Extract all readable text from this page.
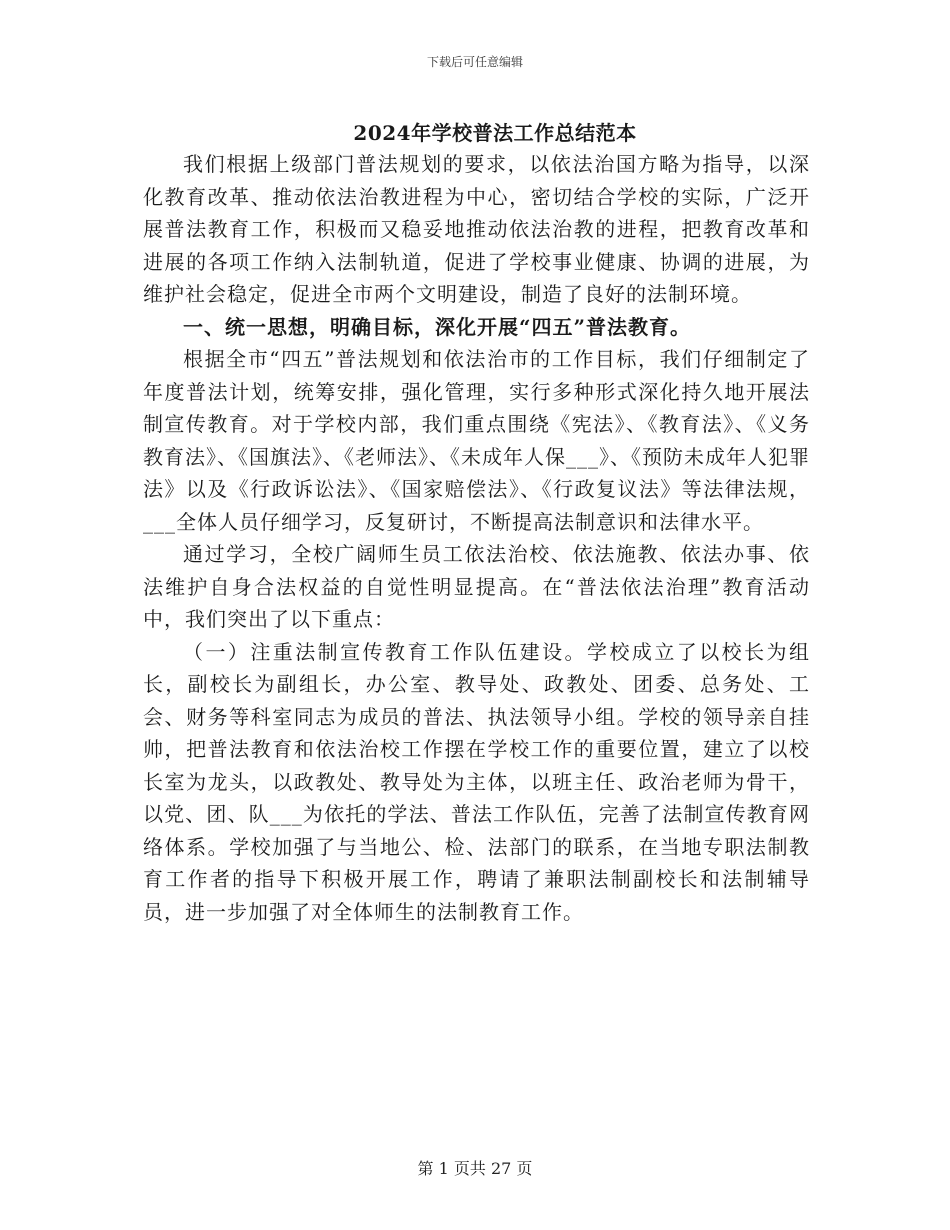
下载后可任意编辑
2024年学校普法工作总结范本

我们根据上级部门普法规划的要求，以依法治国方略为指导，以深化教育改革、推动依法治教进程为中心，密切结合学校的实际，广泛开展普法教育工作，积极而又稳妥地推动依法治教的进程，把教育改革和进展的各项工作纳入法制轨道，促进了学校事业健康、协调的进展，为维护社会稳定，促进全市两个文明建设，制造了良好的法制环境。

一、统一思想，明确目标，深化开展“四五”普法教育。

根据全市“四五”普法规划和依法治市的工作目标，我们仔细制定了年度普法计划，统筹安排，强化管理，实行多种形式深化持久地开展法制宣传教育。对于学校内部，我们重点围绕《宪法》、《教育法》、《义务教育法》、《国旗法》、《老师法》、《未成年人保___》、《预防未成年人犯罪法》以及《行政诉讼法》、《国家赔偿法》、《行政复议法》等法律法规，___全体人员仔细学习，反复研讨，不断提高法制意识和法律水平。

通过学习，全校广阔师生员工依法治校、依法施教、依法办事、依法维护自身合法权益的自觉性明显提高。在“普法依法治理”教育活动中，我们突出了以下重点：

（一）注重法制宣传教育工作队伍建设。学校成立了以校长为组长，副校长为副组长，办公室、教导处、政教处、团委、总务处、工会、财务等科室同志为成员的普法、执法领导小组。学校的领导亲自挂帅，把普法教育和依法治校工作摆在学校工作的重要位置，建立了以校长室为龙头，以政教处、教导处为主体，以班主任、政治老师为骨干，以党、团、队___为依托的学法、普法工作队伍，完善了法制宣传教育网络体系。学校加强了与当地公、检、法部门的联系，在当地专职法制教育工作者的指导下积极开展工作，聘请了兼职法制副校长和法制辅导员，进一步加强了对全体师生的法制教育工作。

第 1 页共 27 页
